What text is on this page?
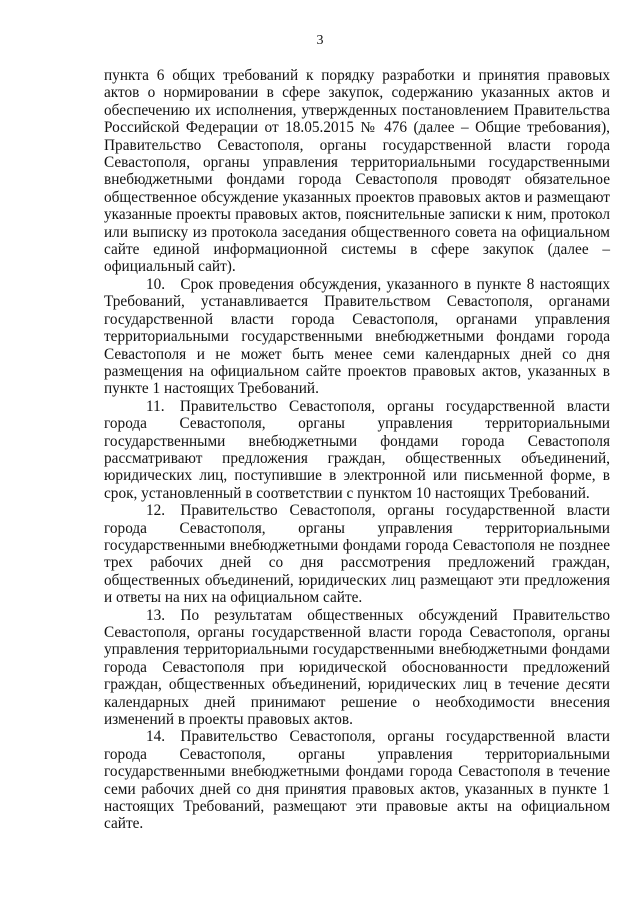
3

пункта 6 общих требований к порядку разработки и принятия правовых актов о нормировании в сфере закупок, содержанию указанных актов и обеспечению их исполнения, утвержденных постановлением Правительства Российской Федерации от 18.05.2015 № 476 (далее – Общие требования), Правительство Севастополя, органы государственной власти города Севастополя, органы управления территориальными государственными внебюджетными фондами города Севастополя проводят обязательное общественное обсуждение указанных проектов правовых актов и размещают указанные проекты правовых актов, пояснительные записки к ним, протокол или выписку из протокола заседания общественного совета на официальном сайте единой информационной системы в сфере закупок (далее – официальный сайт).

10. Срок проведения обсуждения, указанного в пункте 8 настоящих Требований, устанавливается Правительством Севастополя, органами государственной власти города Севастополя, органами управления территориальными государственными внебюджетными фондами города Севастополя и не может быть менее семи календарных дней со дня размещения на официальном сайте проектов правовых актов, указанных в пункте 1 настоящих Требований.

11. Правительство Севастополя, органы государственной власти города Севастополя, органы управления территориальными государственными внебюджетными фондами города Севастополя рассматривают предложения граждан, общественных объединений, юридических лиц, поступившие в электронной или письменной форме, в срок, установленный в соответствии с пунктом 10 настоящих Требований.

12. Правительство Севастополя, органы государственной власти города Севастополя, органы управления территориальными государственными внебюджетными фондами города Севастополя не позднее трех рабочих дней со дня рассмотрения предложений граждан, общественных объединений, юридических лиц размещают эти предложения и ответы на них на официальном сайте.

13. По результатам общественных обсуждений Правительство Севастополя, органы государственной власти города Севастополя, органы управления территориальными государственными внебюджетными фондами города Севастополя при юридической обоснованности предложений граждан, общественных объединений, юридических лиц в течение десяти календарных дней принимают решение о необходимости внесения изменений в проекты правовых актов.

14. Правительство Севастополя, органы государственной власти города Севастополя, органы управления территориальными государственными внебюджетными фондами города Севастополя в течение семи рабочих дней со дня принятия правовых актов, указанных в пункте 1 настоящих Требований, размещают эти правовые акты на официальном сайте.
